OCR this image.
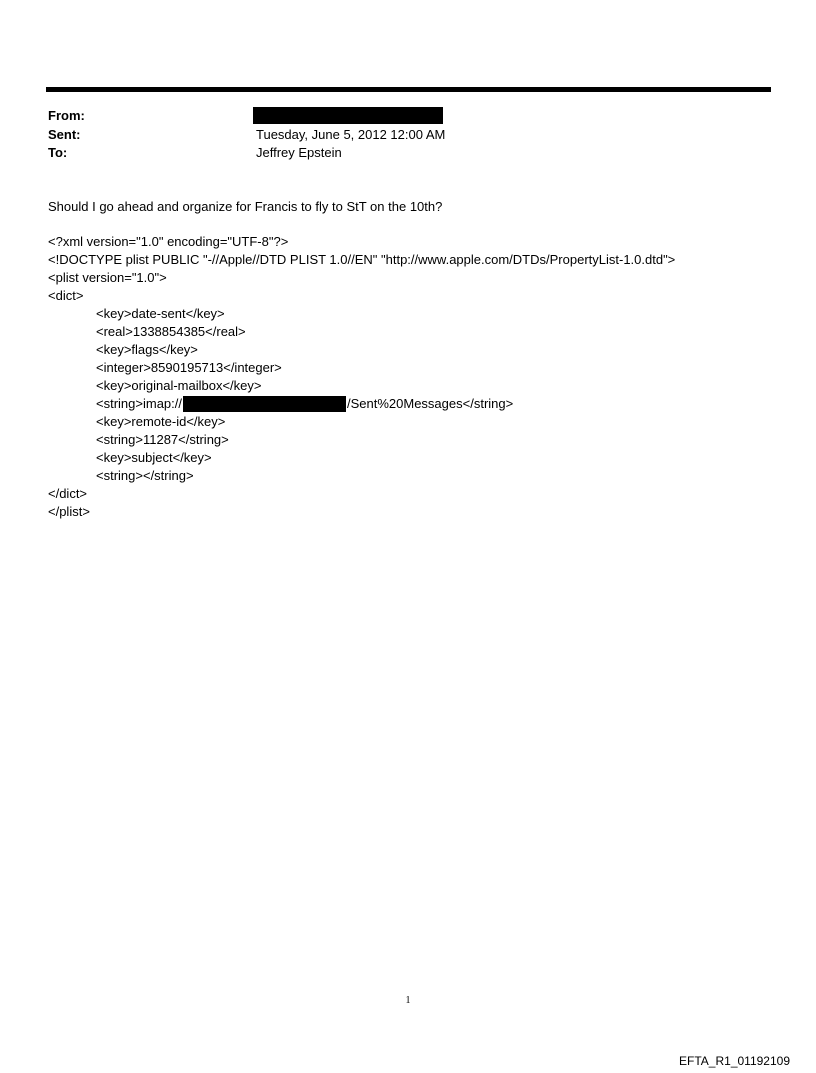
From:
Sent:	Tuesday, June 5, 2012 12:00 AM
To:	Jeffrey Epstein
Should I go ahead and organize for Francis to fly to StT on the 10th?
<?xml version="1.0" encoding="UTF-8"?>
<!DOCTYPE plist PUBLIC "-//Apple//DTD PLIST 1.0//EN" "http://www.apple.com/DTDs/PropertyList-1.0.dtd">
<plist version="1.0">
<dict>
<key>date-sent</key>
<real>1338854385</real>
<key>flags</key>
<integer>8590195713</integer>
<key>original-mailbox</key>
<string>imap://	/Sent%20Messages</string>
<key>remote-id</key>
<string>11287</string>
<key>subject</key>
<string></string>
</dict>
</plist>
1
EFTA_R1_01192109
